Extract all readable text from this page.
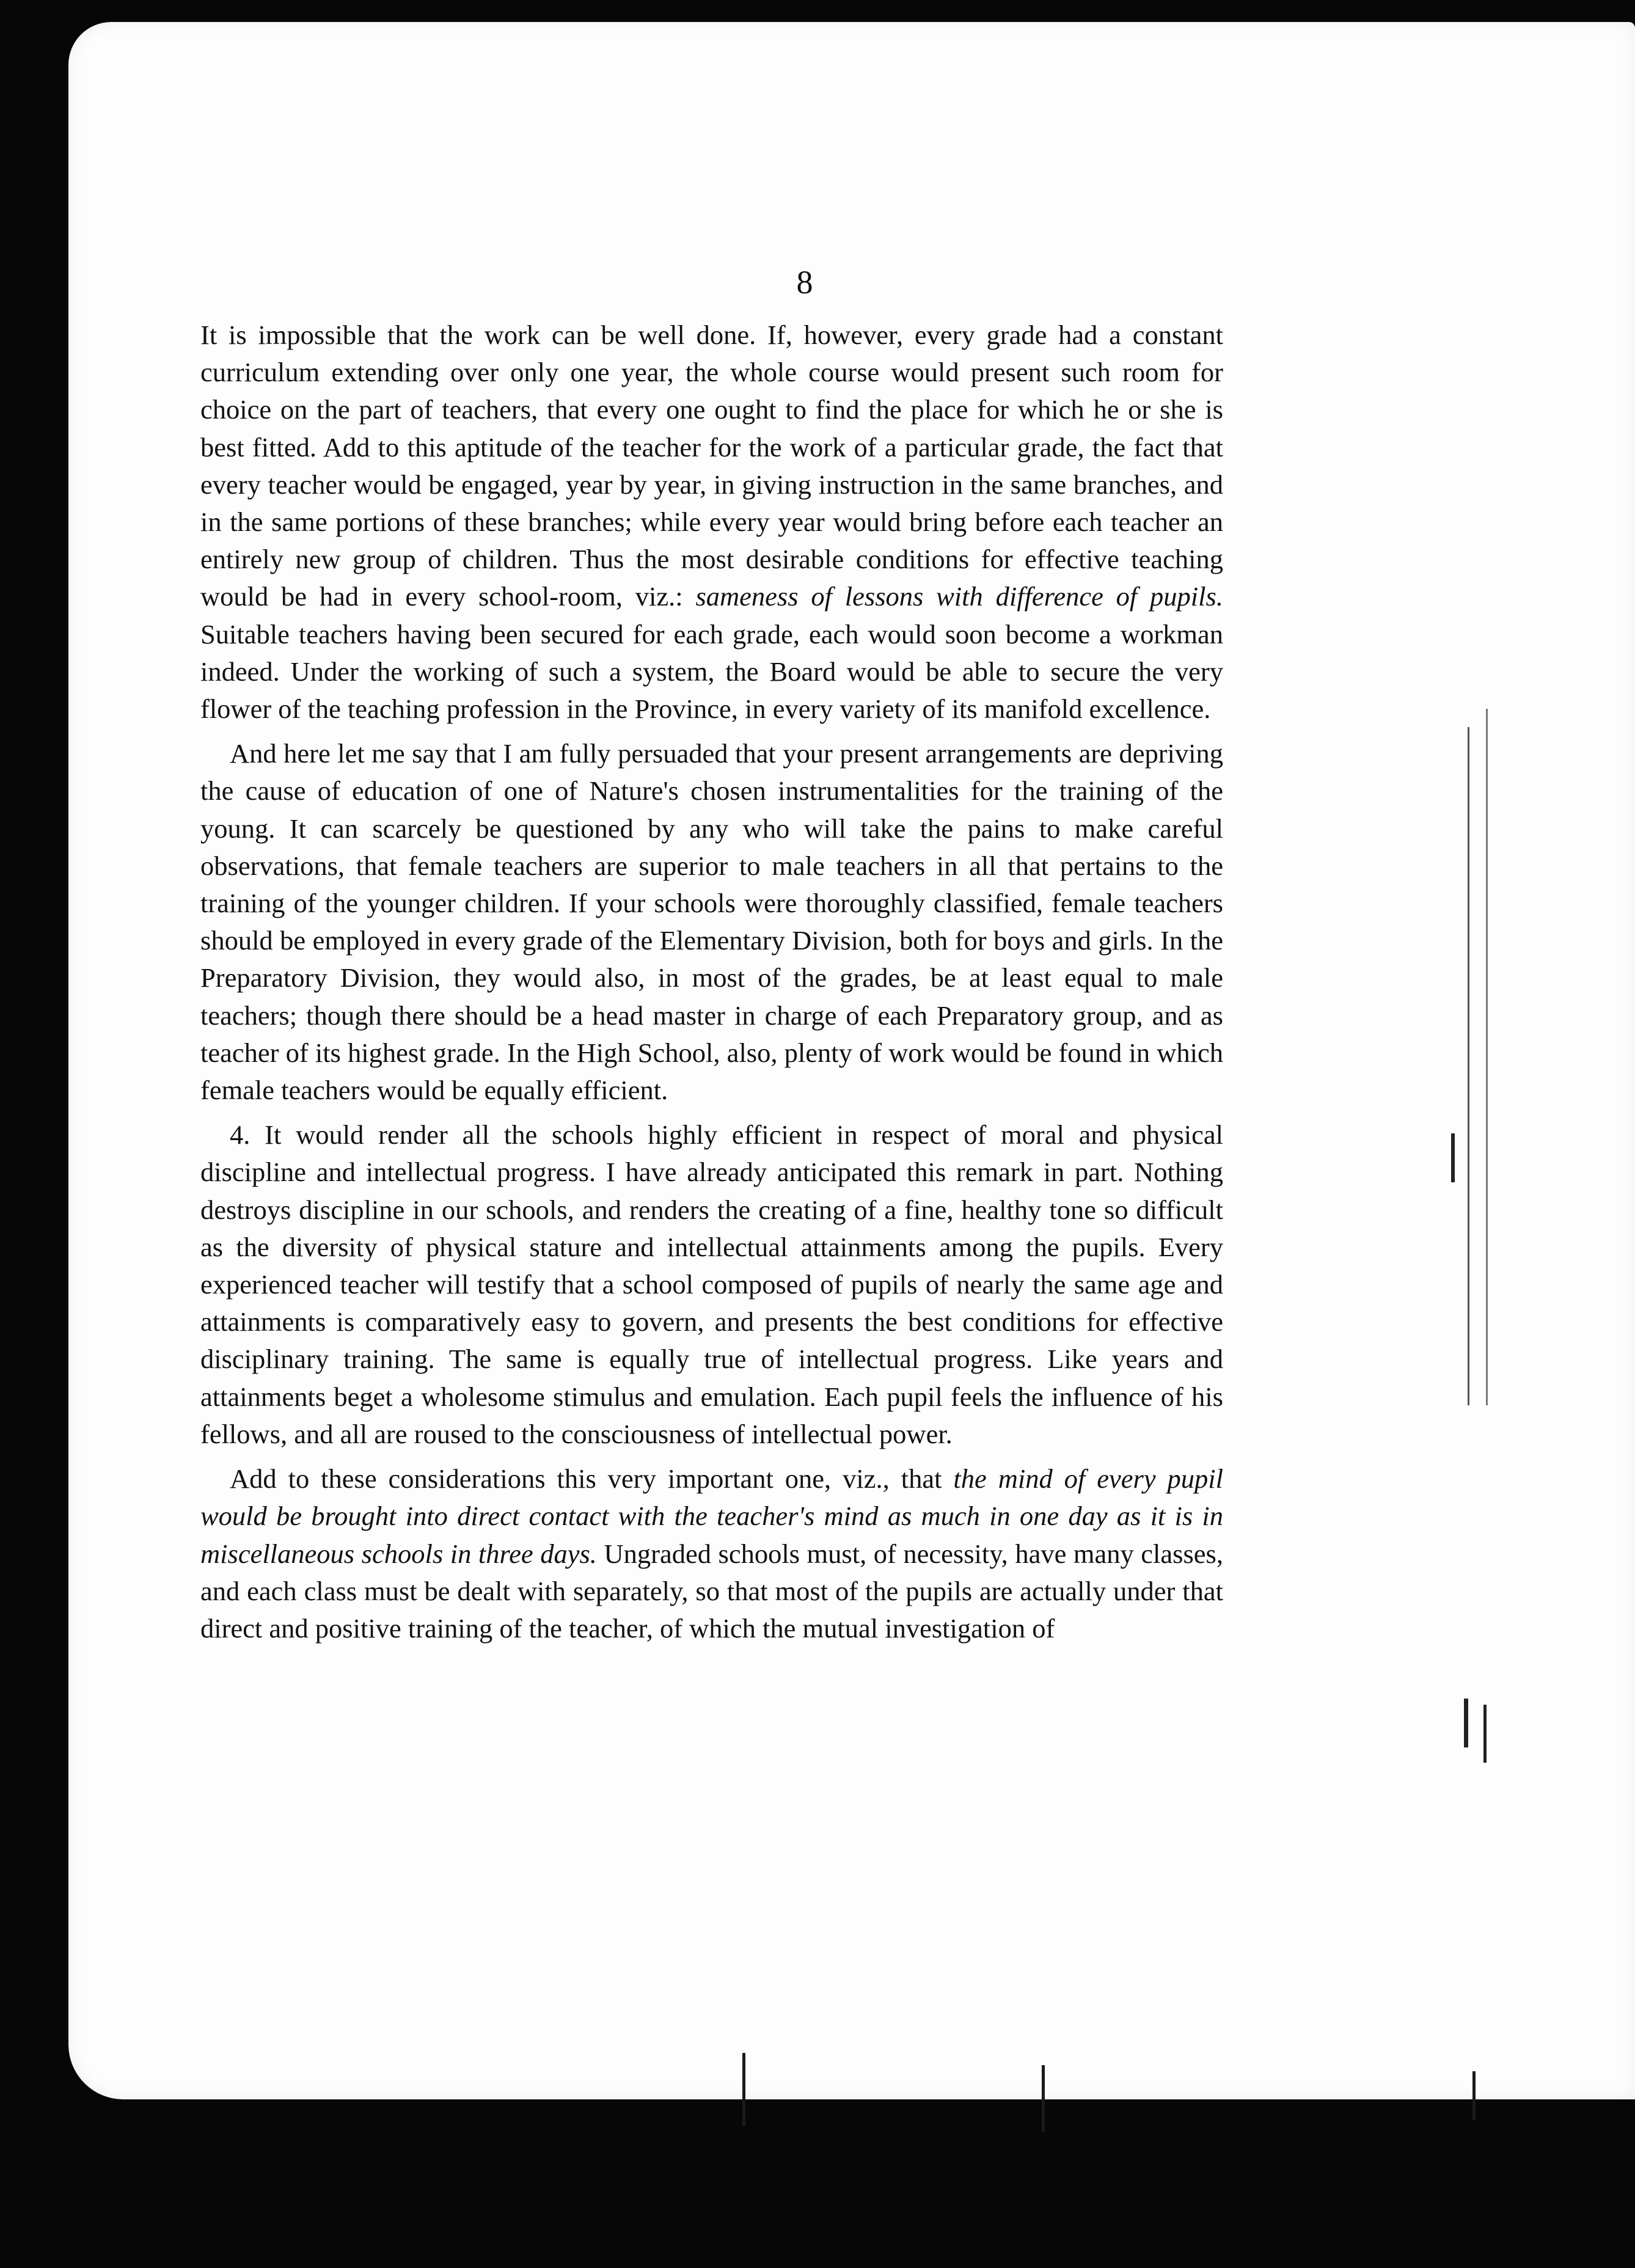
8

It is impossible that the work can be well done. If, however, every grade had a constant curriculum extending over only one year, the whole course would present such room for choice on the part of teachers, that every one ought to find the place for which he or she is best fitted. Add to this aptitude of the teacher for the work of a particular grade, the fact that every teacher would be engaged, year by year, in giving instruction in the same branches, and in the same portions of these branches; while every year would bring before each teacher an entirely new group of children. Thus the most desirable conditions for effective teaching would be had in every school-room, viz.: sameness of lessons with difference of pupils. Suitable teachers having been secured for each grade, each would soon become a workman indeed. Under the working of such a system, the Board would be able to secure the very flower of the teaching profession in the Province, in every variety of its manifold excellence.

And here let me say that I am fully persuaded that your present arrangements are depriving the cause of education of one of Nature's chosen instrumentalities for the training of the young. It can scarcely be questioned by any who will take the pains to make careful observations, that female teachers are superior to male teachers in all that pertains to the training of the younger children. If your schools were thoroughly classified, female teachers should be employed in every grade of the Elementary Division, both for boys and girls. In the Preparatory Division, they would also, in most of the grades, be at least equal to male teachers; though there should be a head master in charge of each Preparatory group, and as teacher of its highest grade. In the High School, also, plenty of work would be found in which female teachers would be equally efficient.

4. It would render all the schools highly efficient in respect of moral and physical discipline and intellectual progress. I have already anticipated this remark in part. Nothing destroys discipline in our schools, and renders the creating of a fine, healthy tone so difficult as the diversity of physical stature and intellectual attainments among the pupils. Every experienced teacher will testify that a school composed of pupils of nearly the same age and attainments is comparatively easy to govern, and presents the best conditions for effective disciplinary training. The same is equally true of intellectual progress. Like years and attainments beget a wholesome stimulus and emulation. Each pupil feels the influence of his fellows, and all are roused to the consciousness of intellectual power.

Add to these considerations this very important one, viz., that the mind of every pupil would be brought into direct contact with the teacher's mind as much in one day as it is in miscellaneous schools in three days. Ungraded schools must, of necessity, have many classes, and each class must be dealt with separately, so that most of the pupils are actually under that direct and positive training of the teacher, of which the mutual investigation of
